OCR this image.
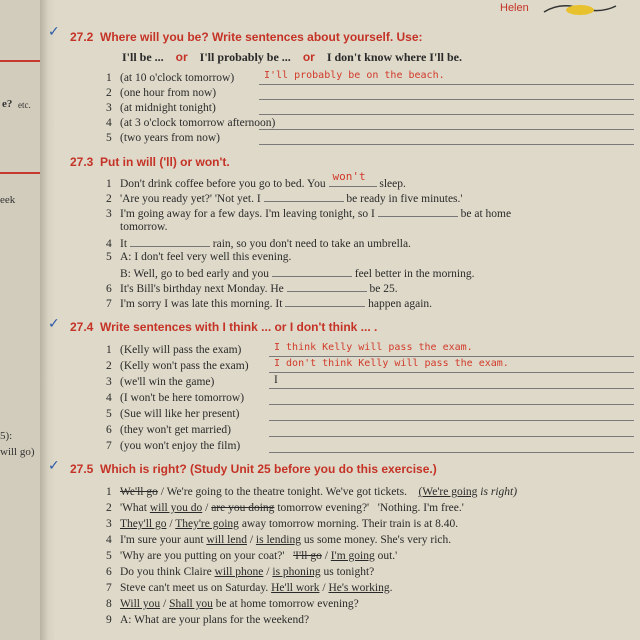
e? etc.
eek
5):
will go)
Helen
✓ 27.2 Where will you be? Write sentences about yourself. Use:
I'll be ... or I'll probably be ... or I don't know where I'll be.
1 (at 10 o'clock tomorrow)	I'll probably be on the beach.
2 (one hour from now)
3 (at midnight tonight)
4 (at 3 o'clock tomorrow afternoon)
5 (two years from now)
27.3 Put in will ('ll) or won't.
1 Don't drink coffee before you go to bed. You
won't
sleep.
2 'Are you ready yet?' 'Not yet. I	be ready in five minutes.'
3 I'm going away for a few days. I'm leaving tonight, so I	be at home
tomorrow.
4 It	rain, so you don't need to take an umbrella.
5 A: I don't feel very well this evening.
B: Well, go to bed early and you	feel better in the morning.
6 It's Bill's birthday next Monday. He	be 25.
7 I'm sorry I was late this morning. It	happen again.
✓ 27.4 Write sentences with I think ... or I don't think ... .
1 (Kelly will pass the exam)	I think Kelly will pass the exam.
2 (Kelly won't pass the exam)	I don't think Kelly will pass the exam.
3 (we'll win the game)	I
4 (I won't be here tomorrow)
5 (Sue will like her present)
6 (they won't get married)
7 (you won't enjoy the film)
✓ 27.5 Which is right? (Study Unit 25 before you do this exercise.)
1 We'll go / We're going to the theatre tonight. We've got tickets. (We're going is right)
2 'What will you do / are you doing tomorrow evening?' 'Nothing. I'm free.'
3 They'll go / They're going away tomorrow morning. Their train is at 8.40.
4 I'm sure your aunt will lend / is lending us some money. She's very rich.
5 'Why are you putting on your coat?' 'I'll go / I'm going out.'
6 Do you think Claire will phone / is phoning us tonight?
7 Steve can't meet us on Saturday. He'll work / He's working.
8 Will you / Shall you be at home tomorrow evening?
9 A: What are your plans for the weekend?
